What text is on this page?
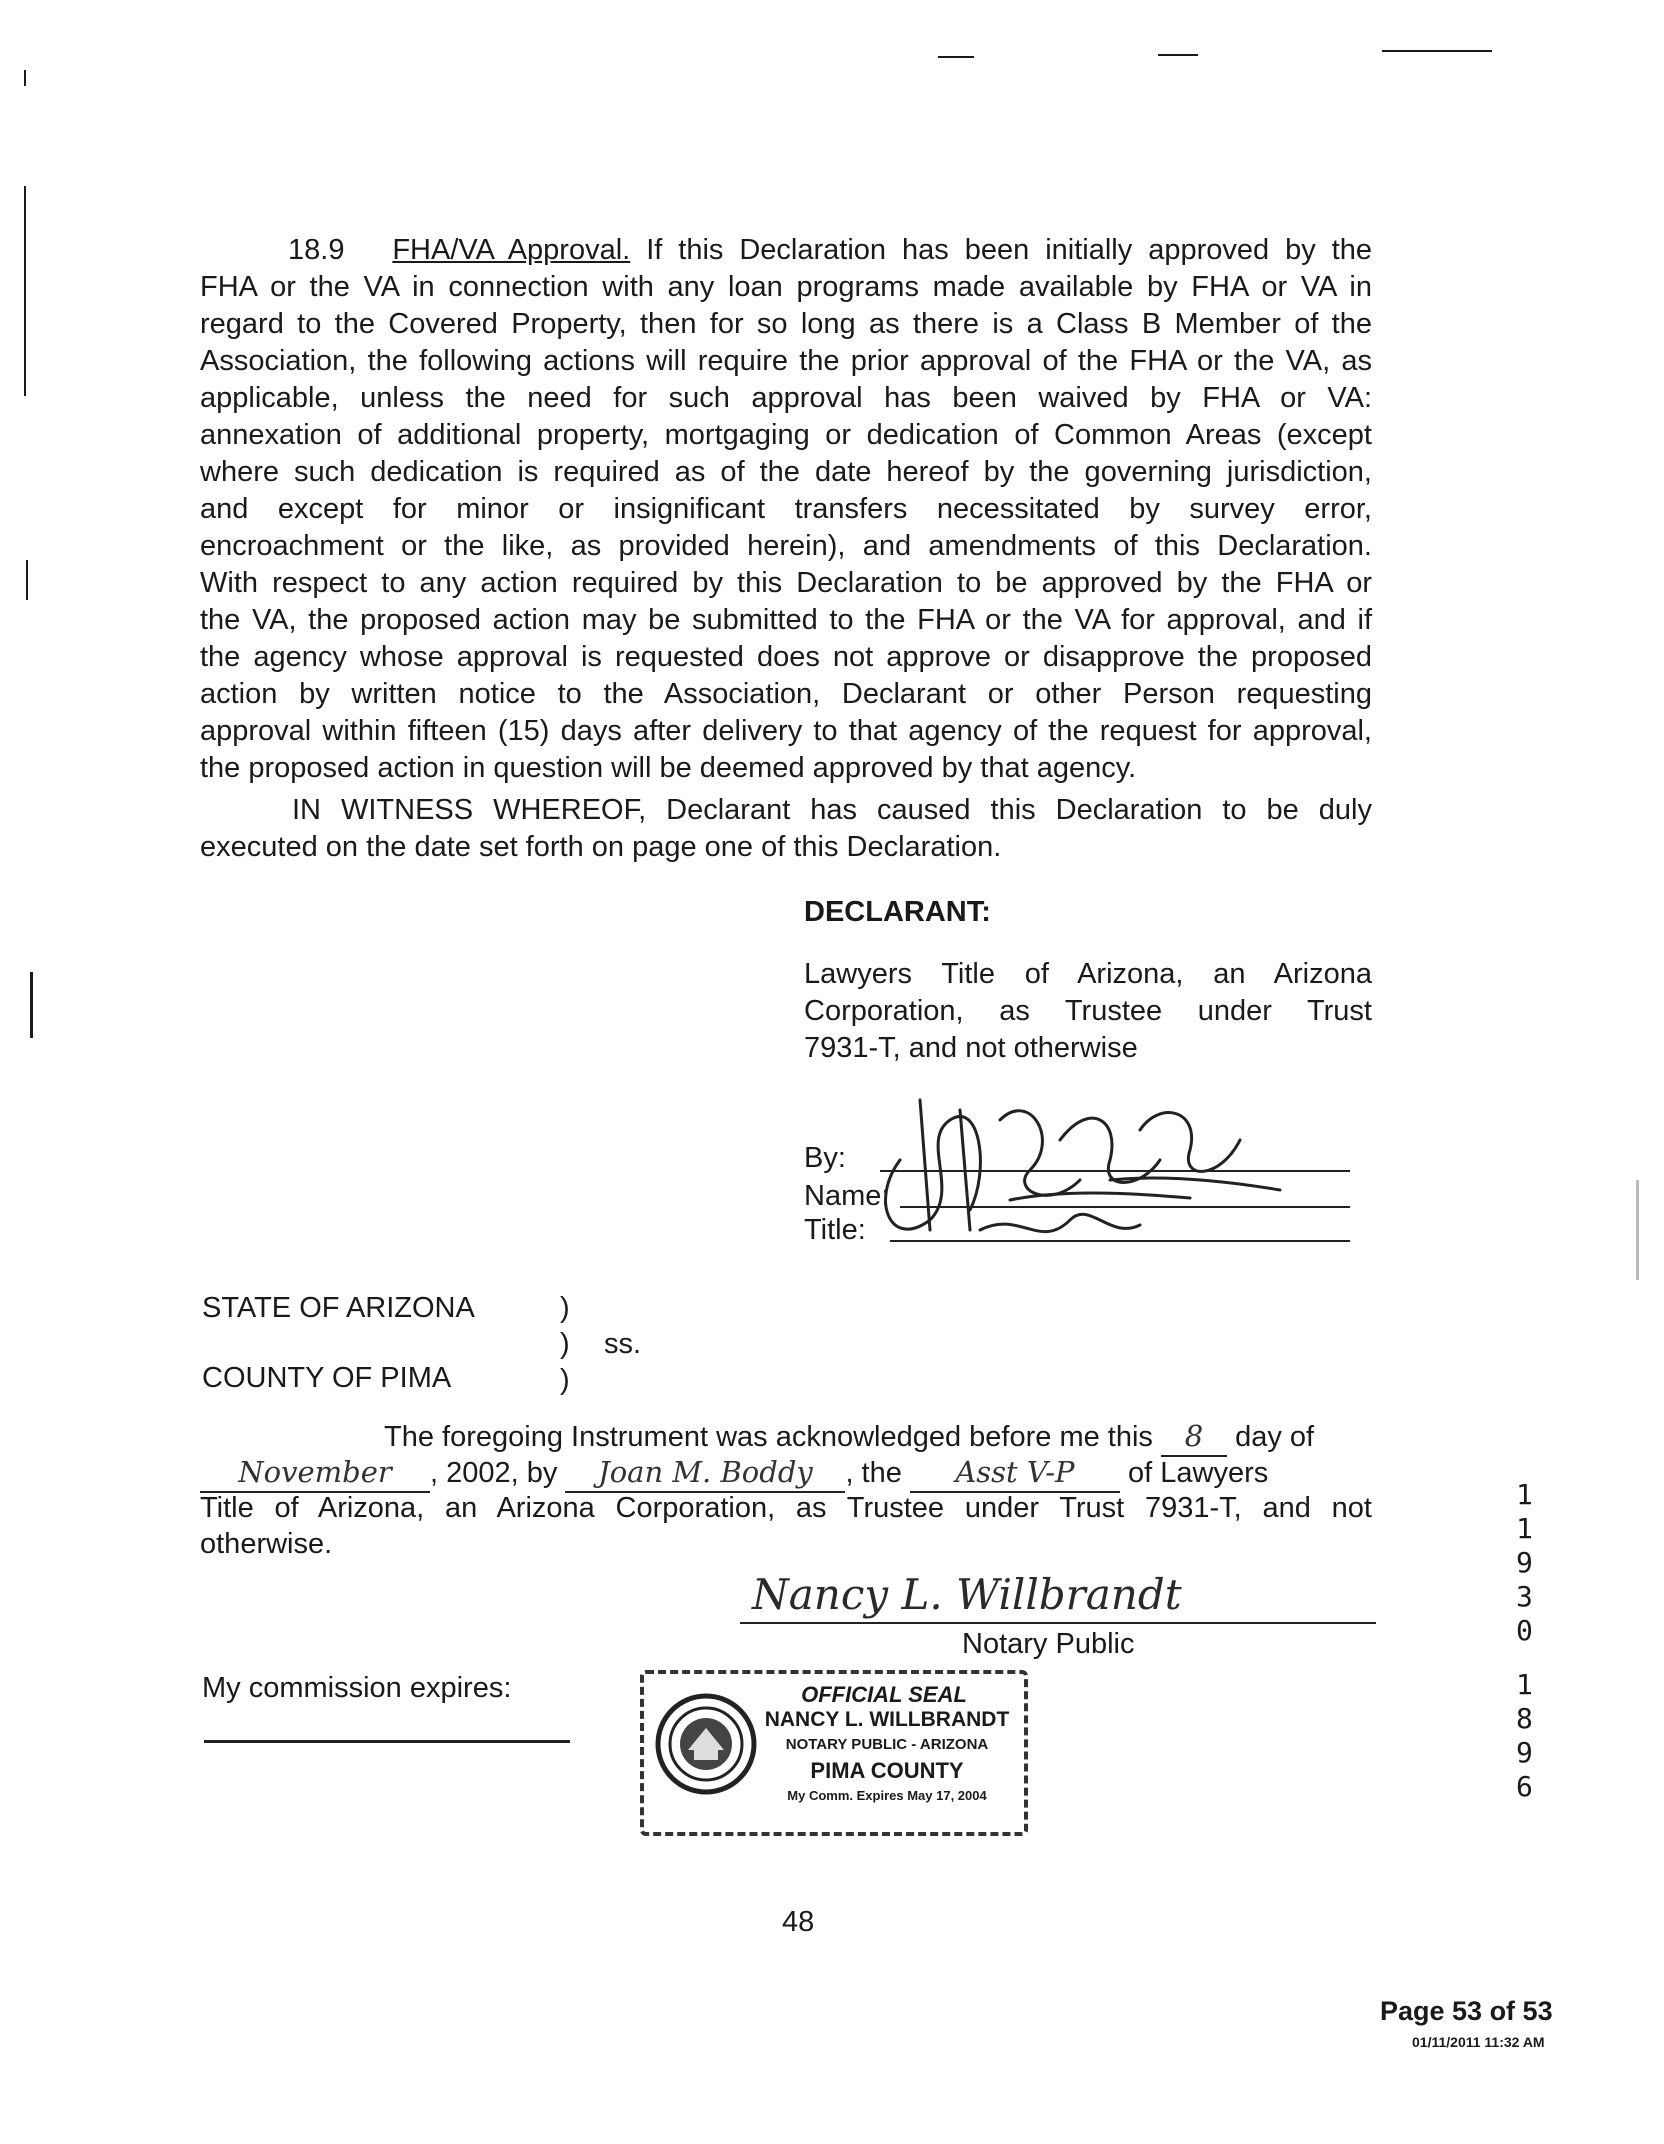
18.9 FHA/VA Approval. If this Declaration has been initially approved by the
FHA or the VA in connection with any loan programs made available by FHA or VA in
regard to the Covered Property, then for so long as there is a Class B Member of the
Association, the following actions will require the prior approval of the FHA or the VA, as
applicable, unless the need for such approval has been waived by FHA or VA:
annexation of additional property, mortgaging or dedication of Common Areas (except
where such dedication is required as of the date hereof by the governing jurisdiction,
and except for minor or insignificant transfers necessitated by survey error,
encroachment or the like, as provided herein), and amendments of this Declaration.
With respect to any action required by this Declaration to be approved by the FHA or
the VA, the proposed action may be submitted to the FHA or the VA for approval, and if
the agency whose approval is requested does not approve or disapprove the proposed
action by written notice to the Association, Declarant or other Person requesting
approval within fifteen (15) days after delivery to that agency of the request for approval,
the proposed action in question will be deemed approved by that agency.
IN WITNESS WHEREOF, Declarant has caused this Declaration to be duly
executed on the date set forth on page one of this Declaration.
DECLARANT:
Lawyers Title of Arizona, an Arizona
Corporation, as Trustee under Trust
7931-T, and not otherwise
By:
Name:
Title:
STATE OF ARIZONA
COUNTY OF PIMA
)
)
)
ss.
The foregoing Instrument was acknowledged before me this 8 day of
November , 2002, by Joan M. Boddy , the Asst V-P of Lawyers
Title of Arizona, an Arizona Corporation, as Trustee under Trust 7931-T, and not
otherwise.
Nancy L. Willbrandt
Notary Public
My commission expires:	OFFICIAL SEAL
NANCY L. WILLBRANDT
NOTARY PUBLIC - ARIZONA
PIMA COUNTY
My Comm. Expires May 17, 2004
11930
1896
48
Page 53 of 53
01/11/2011 11:32 AM
